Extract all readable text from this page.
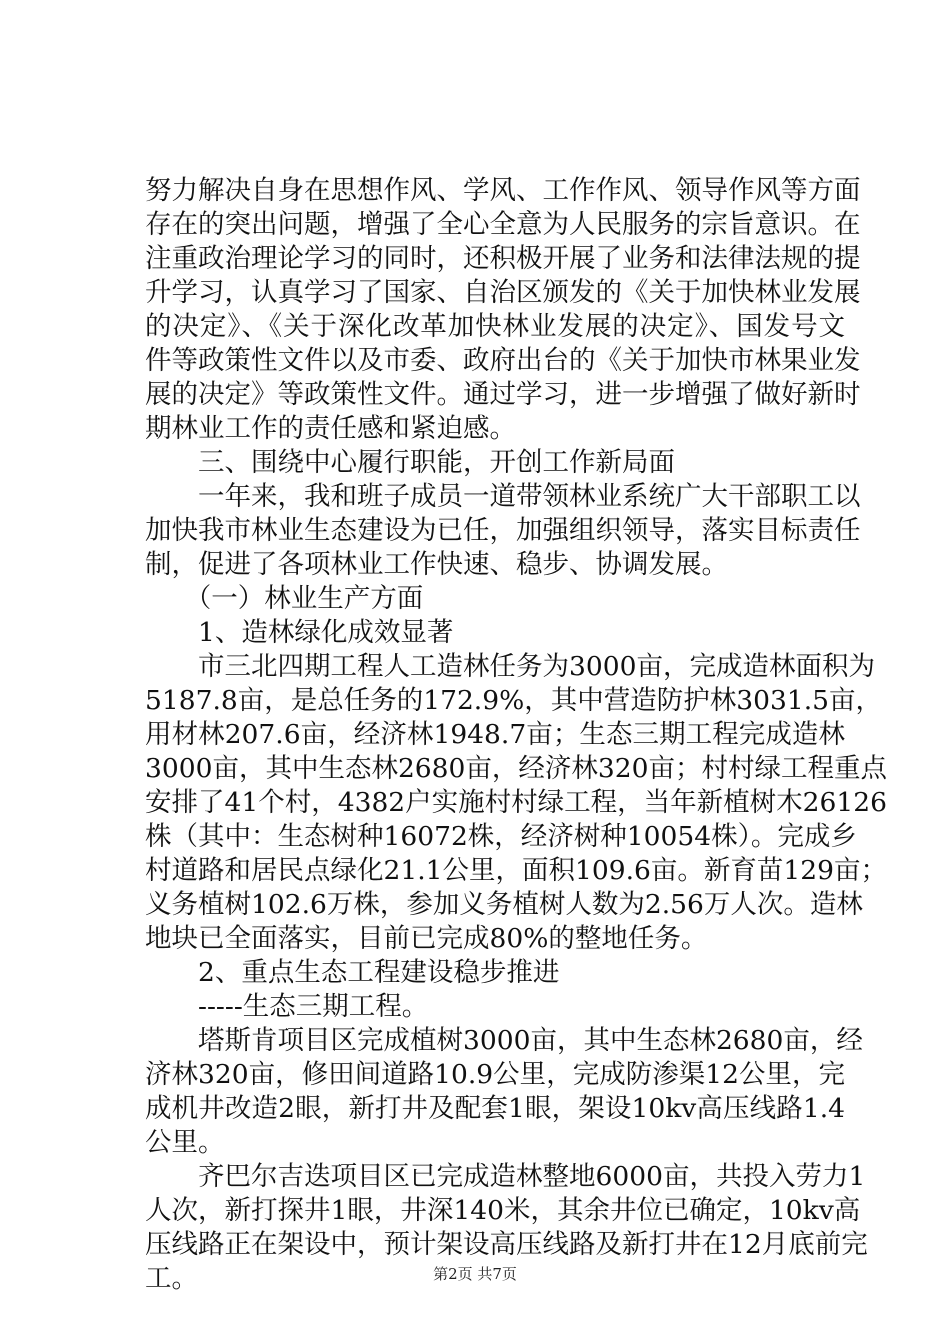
努力解决自身在思想作风、学风、工作作风、领导作风等方面
存在的突出问题，增强了全心全意为人民服务的宗旨意识。在
注重政治理论学习的同时，还积极开展了业务和法律法规的提
升学习，认真学习了国家、自治区颁发的《关于加快林业发展
的决定》、《关于深化改革加快林业发展的决定》、国发号文
件等政策性文件以及市委、政府出台的《关于加快市林果业发
展的决定》等政策性文件。通过学习，进一步增强了做好新时
期林业工作的责任感和紧迫感。
　　三、围绕中心履行职能，开创工作新局面
　　一年来，我和班子成员一道带领林业系统广大干部职工以
加快我市林业生态建设为已任，加强组织领导，落实目标责任
制，促进了各项林业工作快速、稳步、协调发展。
　　（一）林业生产方面
　　1、造林绿化成效显著
　　市三北四期工程人工造林任务为3000亩，完成造林面积为
5187.8亩，是总任务的172.9%，其中营造防护林3031.5亩，
用材林207.6亩，经济林1948.7亩；生态三期工程完成造林
3000亩，其中生态林2680亩，经济林320亩；村村绿工程重点
安排了41个村，4382户实施村村绿工程，当年新植树木26126
株（其中：生态树种16072株，经济树种10054株）。完成乡
村道路和居民点绿化21.1公里，面积109.6亩。新育苗129亩；
义务植树102.6万株，参加义务植树人数为2.56万人次。造林
地块已全面落实，目前已完成80%的整地任务。
　　2、重点生态工程建设稳步推进
　　-----生态三期工程。
　　塔斯肯项目区完成植树3000亩，其中生态林2680亩，经
济林320亩，修田间道路10.9公里，完成防渗渠12公里，完
成机井改造2眼，新打井及配套1眼，架设10kv高压线路1.4
公里。
　　齐巴尔吉迭项目区已完成造林整地6000亩，共投入劳力1
人次，新打探井1眼，井深140米，其余井位已确定，10kv高
压线路正在架设中，预计架设高压线路及新打井在12月底前完
工。	第2页 共7页
